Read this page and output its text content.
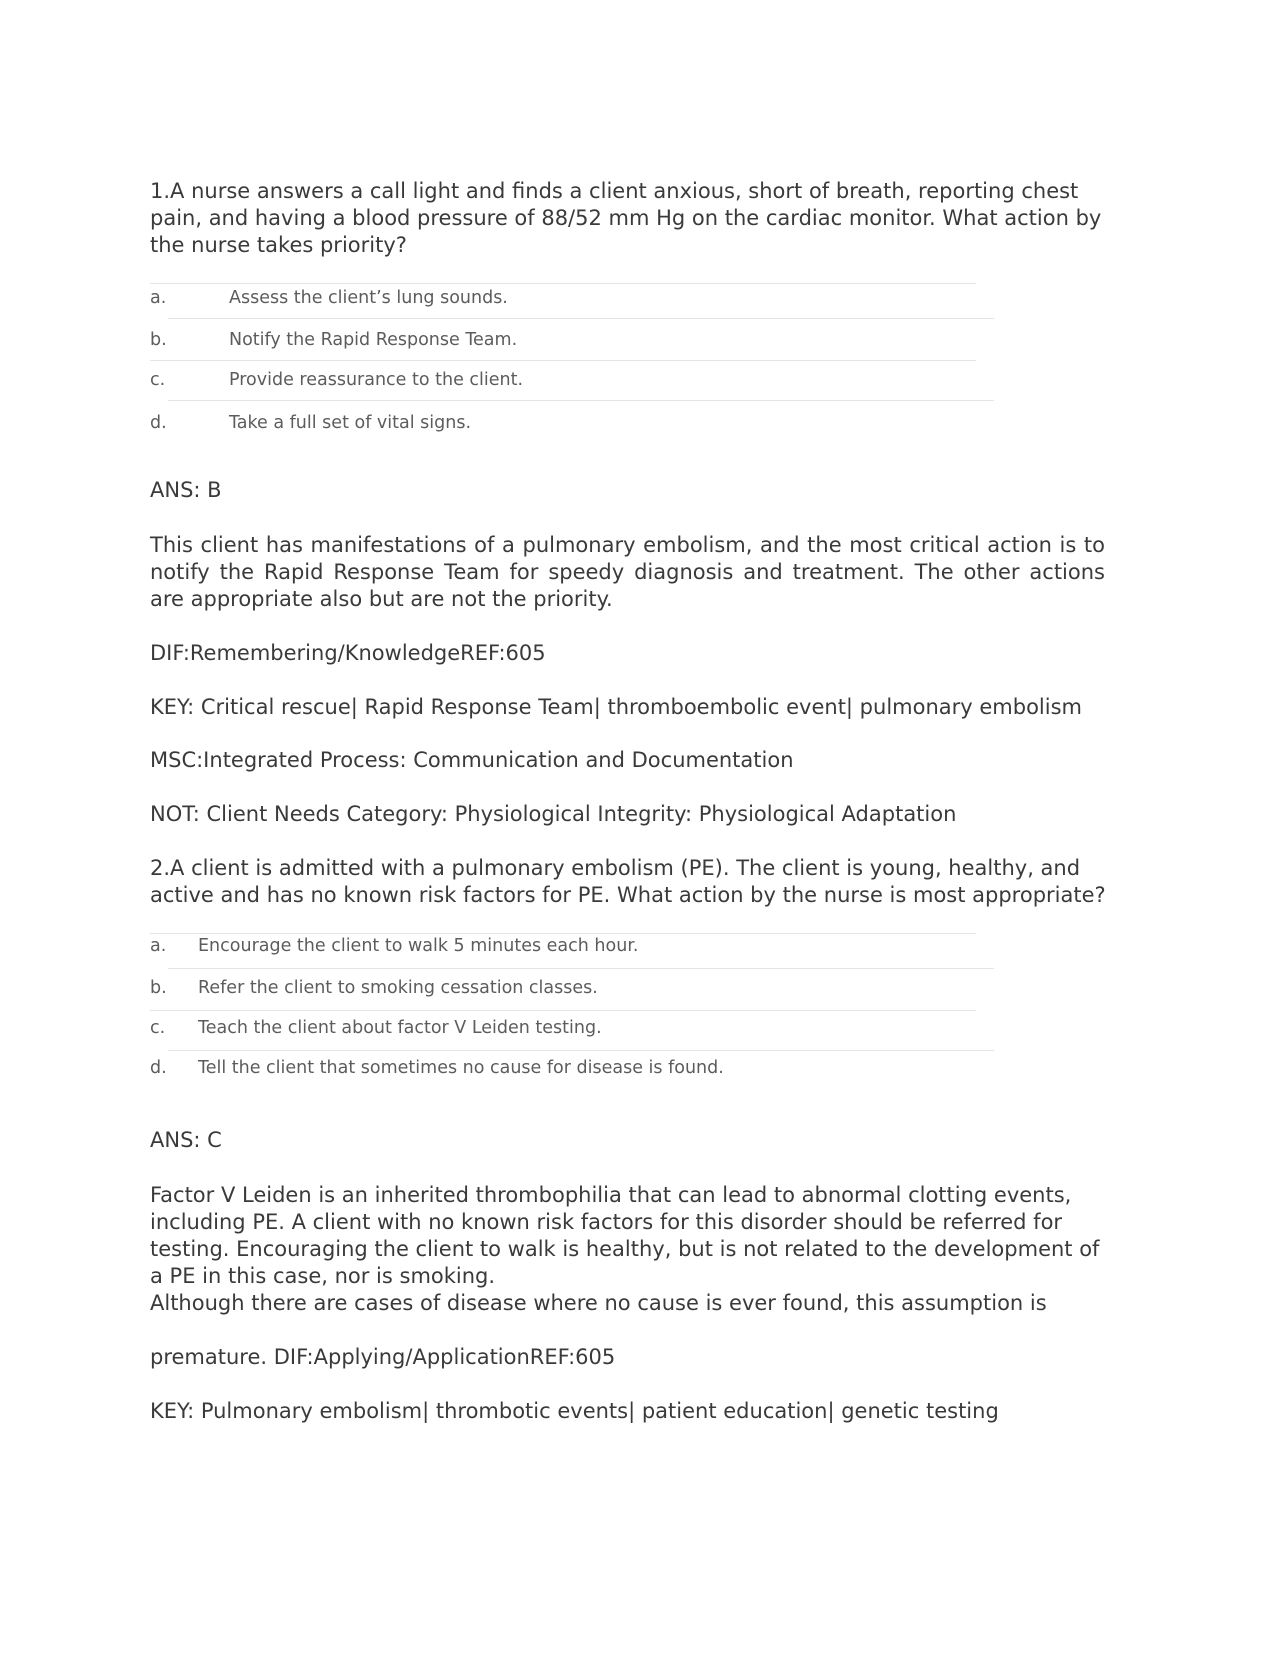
1.A nurse answers a call light and finds a client anxious, short of breath, reporting chest pain, and having a blood pressure of 88/52 mm Hg on the cardiac monitor. What action by the nurse takes priority?

a.	Assess the client’s lung sounds.
b.	Notify the Rapid Response Team.
c.	Provide reassurance to the client.
d.	Take a full set of vital signs.

ANS: B

This client has manifestations of a pulmonary embolism, and the most critical action is to notify the Rapid Response Team for speedy diagnosis and treatment. The other actions are appropriate also but are not the priority.

DIF:Remembering/KnowledgeREF:605

KEY: Critical rescue| Rapid Response Team| thromboembolic event| pulmonary embolism

MSC:Integrated Process: Communication and Documentation

NOT: Client Needs Category: Physiological Integrity: Physiological Adaptation

2.A client is admitted with a pulmonary embolism (PE). The client is young, healthy, and active and has no known risk factors for PE. What action by the nurse is most appropriate?

a. Encourage the client to walk 5 minutes each hour.
b. Refer the client to smoking cessation classes.
c. Teach the client about factor V Leiden testing.
d. Tell the client that sometimes no cause for disease is found.

ANS: C

Factor V Leiden is an inherited thrombophilia that can lead to abnormal clotting events, including PE. A client with no known risk factors for this disorder should be referred for testing. Encouraging the client to walk is healthy, but is not related to the development of a PE in this case, nor is smoking.

Although there are cases of disease where no cause is ever found, this assumption is

premature. DIF:Applying/ApplicationREF:605

KEY: Pulmonary embolism| thrombotic events| patient education| genetic testing
